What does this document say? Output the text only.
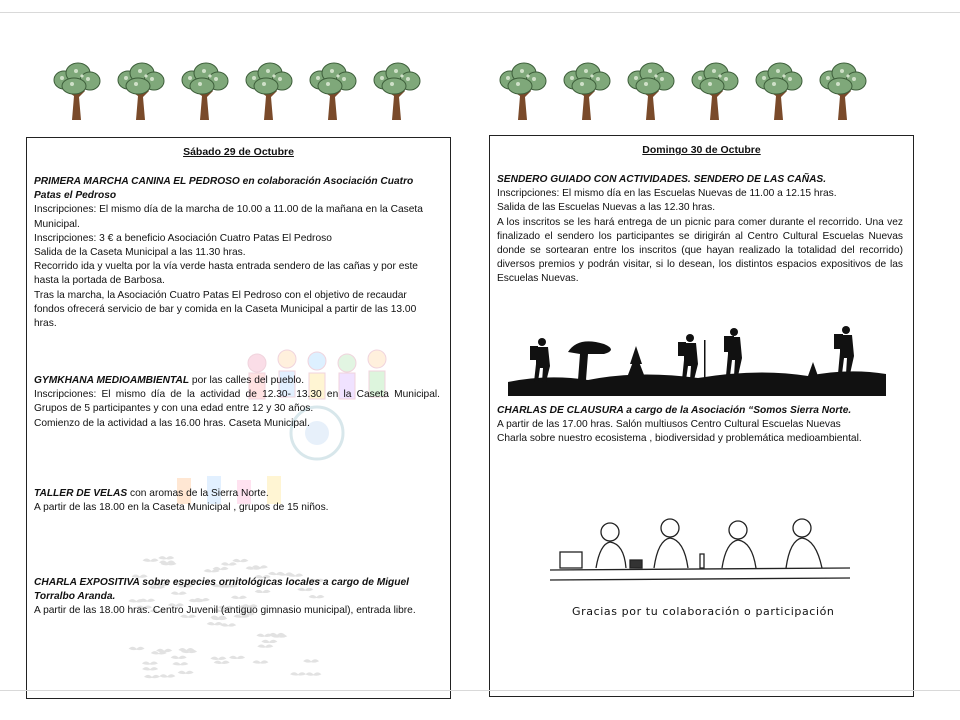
Sábado 29 de Octubre

PRIMERA MARCHA CANINA EL PEDROSO en colaboración Asociación Cuatro Patas el Pedroso

Inscripciones: El mismo día de la marcha de 10.00 a 11.00 de la mañana en la Caseta Municipal.

Inscripciones: 3 € a beneficio Asociación Cuatro Patas El Pedroso

Salida de la Caseta Municipal a las 11.30 hras.

Recorrido ida y vuelta por la vía verde hasta entrada sendero de las cañas y por este hasta la portada de Barbosa.

Tras la marcha, la Asociación Cuatro Patas El Pedroso con el objetivo de recaudar fondos ofrecerá servicio de bar y comida en la Caseta Municipal a partir de las 13.00 hras.

GYMKHANA MEDIOAMBIENTAL por las calles del pueblo.

Inscripciones: El mismo día de la actividad de 12.30- 13.30 en la Caseta Municipal. Grupos de 5 participantes y con una edad entre 12 y 30 años.

Comienzo de la actividad a las 16.00 hras. Caseta Municipal.

TALLER DE VELAS con aromas de la Sierra Norte.

A partir de las 18.00 en la Caseta Municipal , grupos de 15 niños.

CHARLA EXPOSITIVA sobre especies ornitológicas locales a cargo de Miguel Torralbo Aranda.

A partir de las 18.00 hras. Centro Juvenil (antiguo gimnasio municipal), entrada libre.

Domingo 30 de Octubre

SENDERO GUIADO CON ACTIVIDADES. SENDERO DE LAS CAÑAS.

Inscripciones: El mismo día en las Escuelas Nuevas de 11.00 a 12.15 hras.

Salida de las Escuelas Nuevas a las 12.30 hras.

A los inscritos se les hará entrega de un picnic para comer durante el recorrido. Una vez finalizado el sendero los participantes se dirigirán al Centro Cultural Escuelas Nuevas donde se sortearan entre los inscritos (que hayan realizado la totalidad del recorrido) diversos premios y podrán visitar, si lo desean, los distintos espacios expositivos de las Escuelas Nuevas.

CHARLAS DE CLAUSURA a cargo de la Asociación “Somos Sierra Norte.

A partir de las 17.00 hras. Salón multiusos Centro Cultural Escuelas Nuevas

Charla sobre nuestro ecosistema , biodiversidad y problemática medioambiental.

Gracias por tu colaboración o participación
